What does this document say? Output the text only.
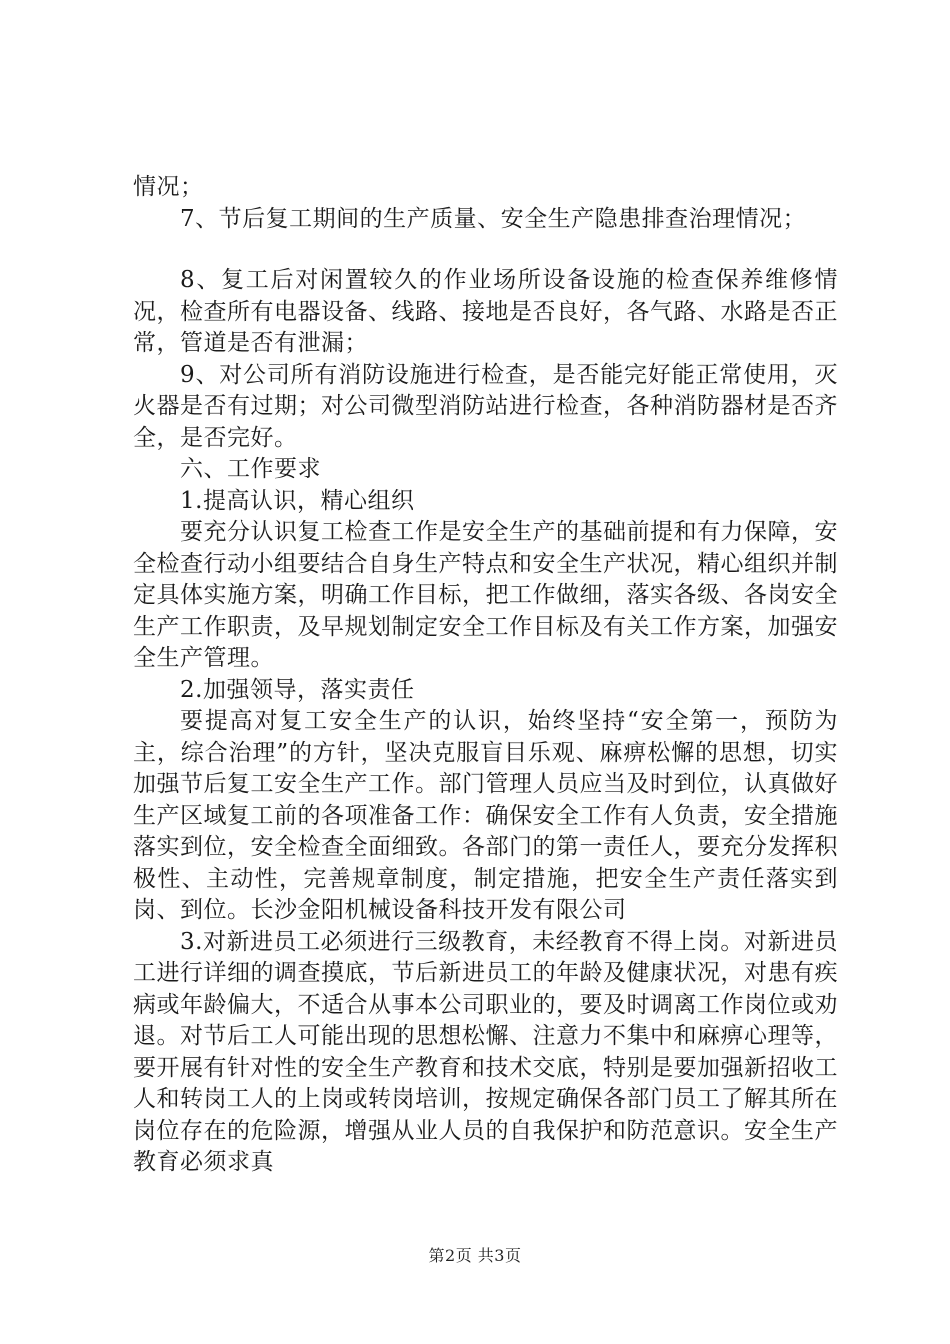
情况；

7、节后复工期间的生产质量、安全生产隐患排查治理情况；

8、复工后对闲置较久的作业场所设备设施的检查保养维修情况，检查所有电器设备、线路、接地是否良好，各气路、水路是否正常，管道是否有泄漏；

9、对公司所有消防设施进行检查，是否能完好能正常使用，灭火器是否有过期；对公司微型消防站进行检查，各种消防器材是否齐全，是否完好。

六、工作要求

1.提高认识，精心组织

要充分认识复工检查工作是安全生产的基础前提和有力保障，安全检查行动小组要结合自身生产特点和安全生产状况，精心组织并制定具体实施方案，明确工作目标，把工作做细，落实各级、各岗安全生产工作职责，及早规划制定安全工作目标及有关工作方案，加强安全生产管理。

2.加强领导，落实责任

要提高对复工安全生产的认识，始终坚持“安全第一，预防为主，综合治理”的方针，坚决克服盲目乐观、麻痹松懈的思想，切实加强节后复工安全生产工作。部门管理人员应当及时到位，认真做好生产区域复工前的各项准备工作：确保安全工作有人负责，安全措施落实到位，安全检查全面细致。各部门的第一责任人，要充分发挥积极性、主动性，完善规章制度，制定措施，把安全生产责任落实到岗、到位。长沙金阳机械设备科技开发有限公司

3.对新进员工必须进行三级教育，未经教育不得上岗。对新进员工进行详细的调查摸底，节后新进员工的年龄及健康状况，对患有疾病或年龄偏大，不适合从事本公司职业的，要及时调离工作岗位或劝退。对节后工人可能出现的思想松懈、注意力不集中和麻痹心理等，要开展有针对性的安全生产教育和技术交底，特别是要加强新招收工人和转岗工人的上岗或转岗培训，按规定确保各部门员工了解其所在岗位存在的危险源，增强从业人员的自我保护和防范意识。安全生产教育必须求真

第2页 共3页
